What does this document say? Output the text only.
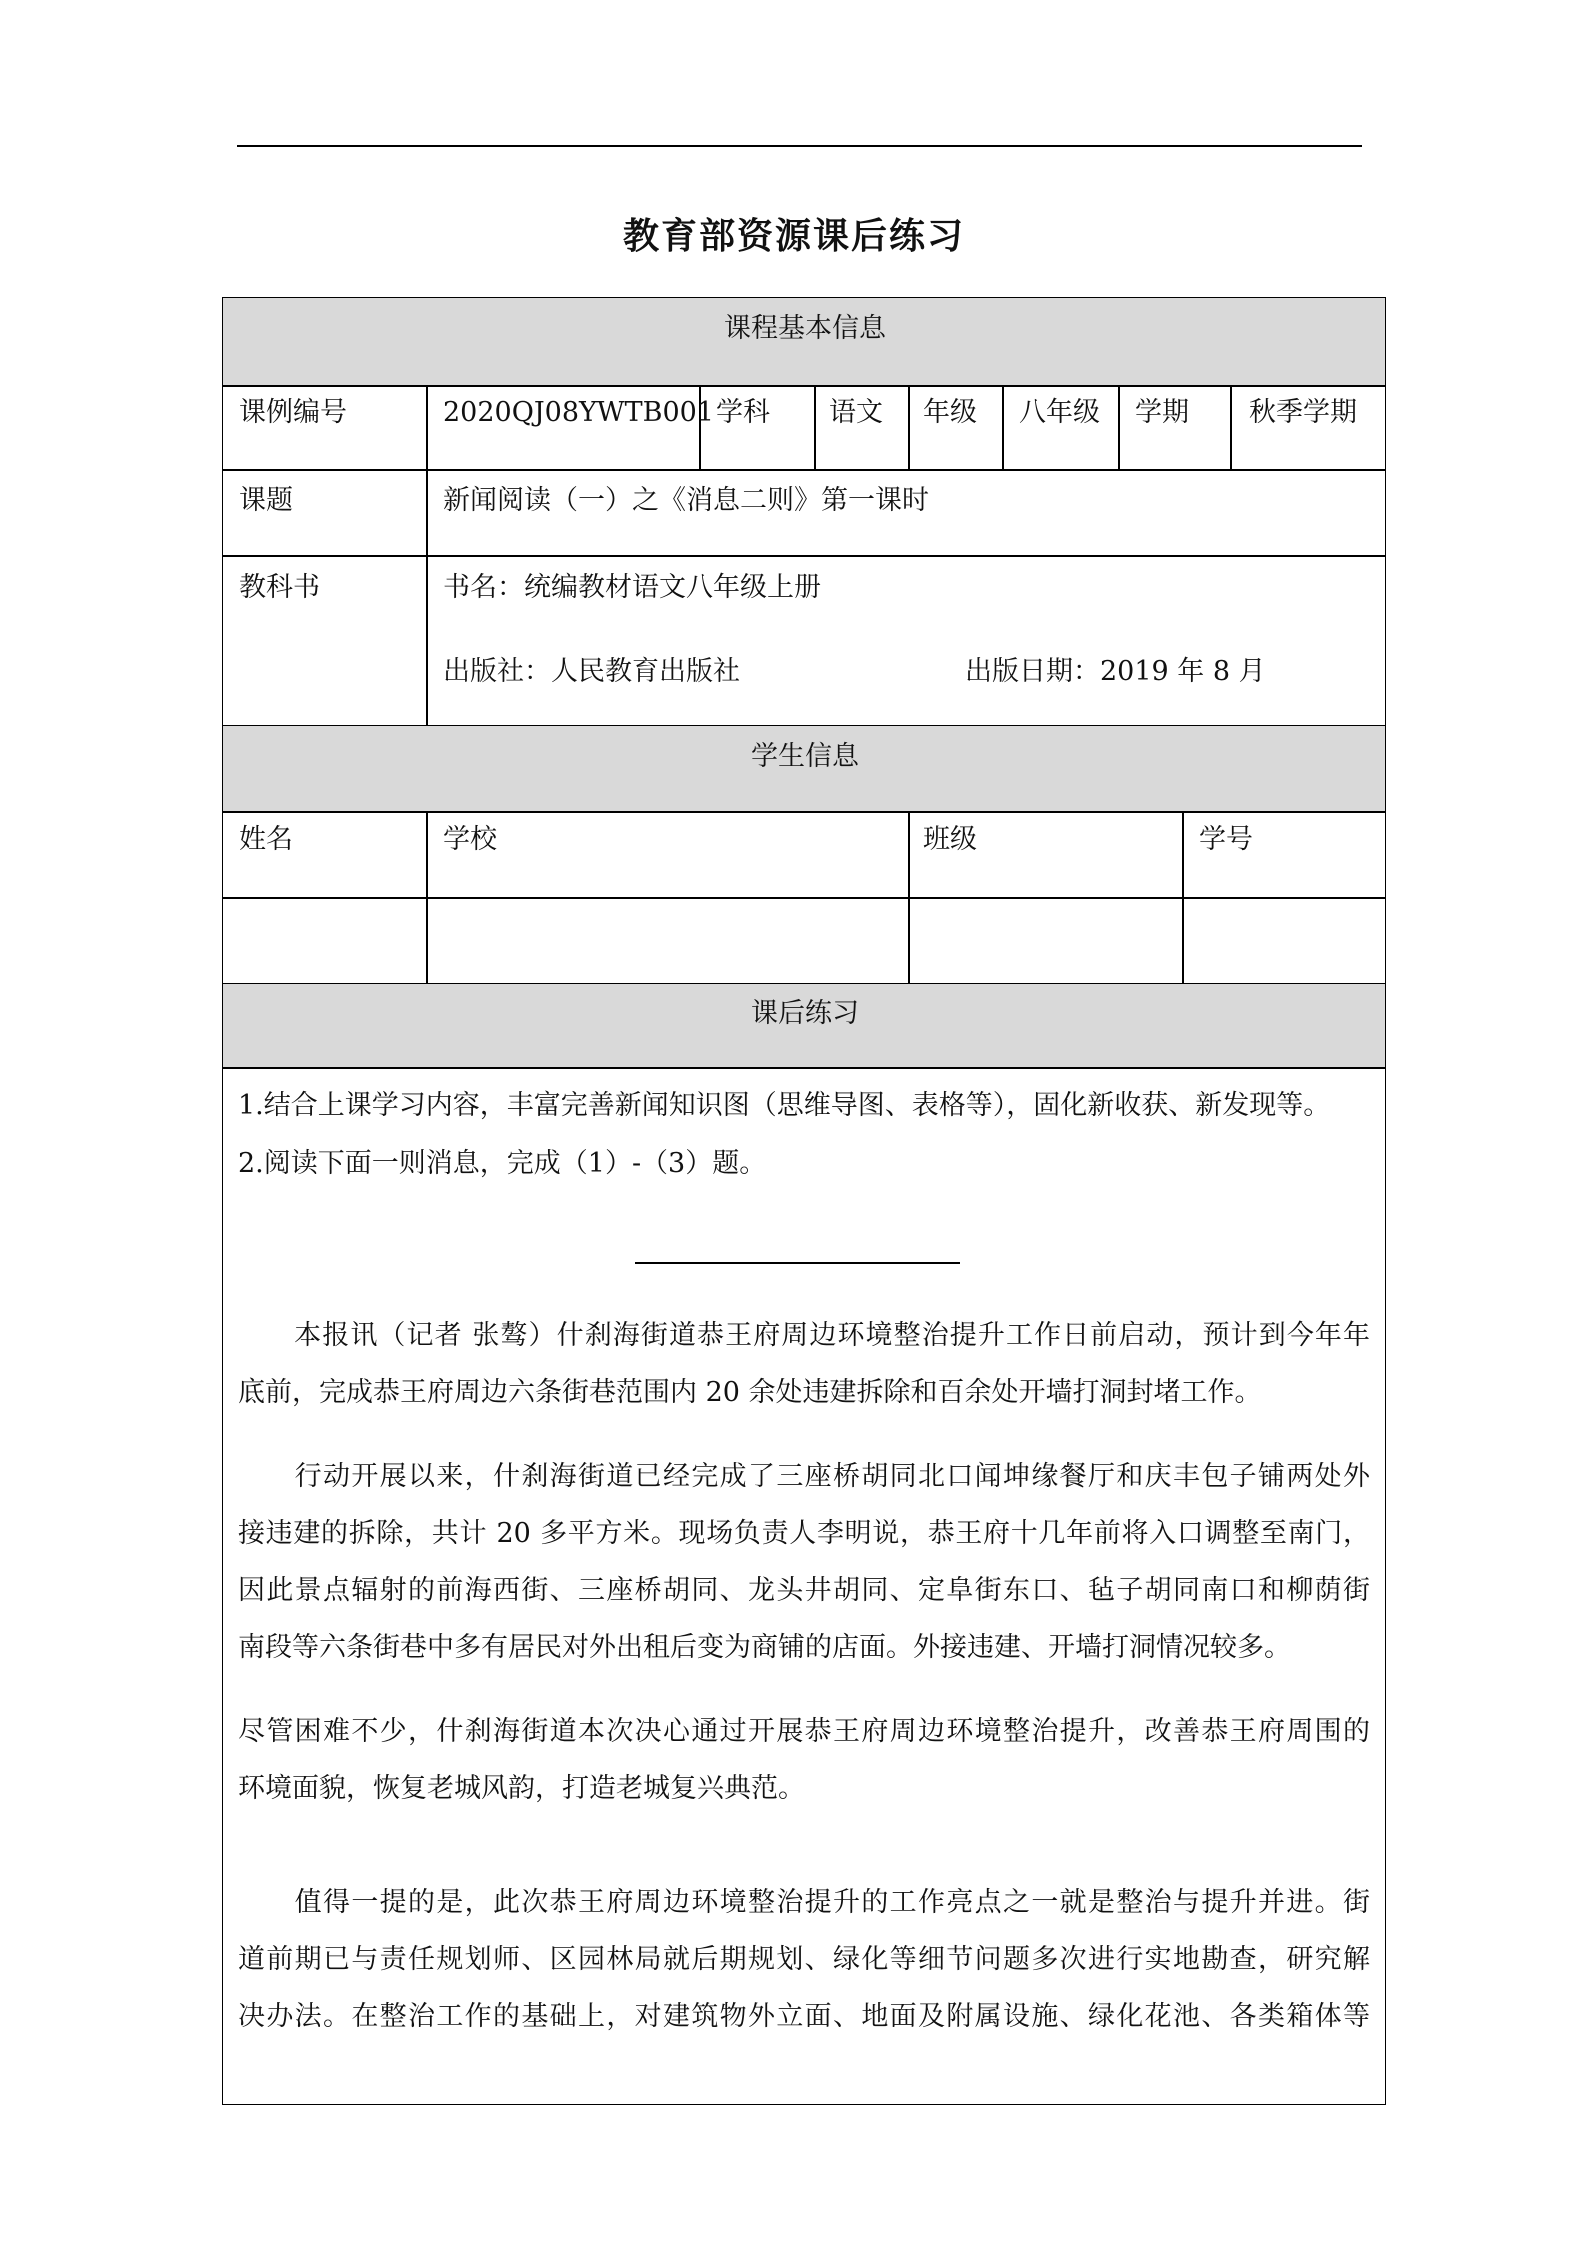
教育部资源课后练习
课程基本信息
课例编号	2020QJ08YWTB001 学科 语文 年级 八年级 学期 秋季学期
课题	新闻阅读（一）之《消息二则》第一课时
教科书	书名：统编教材语文八年级上册
出版社：人民教育出版社	出版日期：2019 年 8 月
学生信息
姓名	学校	班级	学号
课后练习
1.结合上课学习内容，丰富完善新闻知识图（思维导图、表格等），固化新收获、新发现等。
2.阅读下面一则消息，完成（1）-（3）题。
　　本报讯（记者 张骜）什刹海街道恭王府周边环境整治提升工作日前启动，预计到今年年
底前，完成恭王府周边六条街巷范围内 20 余处违建拆除和百余处开墙打洞封堵工作。
　　行动开展以来，什刹海街道已经完成了三座桥胡同北口闻坤缘餐厅和庆丰包子铺两处外
接违建的拆除，共计 20 多平方米。现场负责人李明说，恭王府十几年前将入口调整至南门，
因此景点辐射的前海西街、三座桥胡同、龙头井胡同、定阜街东口、毡子胡同南口和柳荫街
南段等六条街巷中多有居民对外出租后变为商铺的店面。外接违建、开墙打洞情况较多。
尽管困难不少，什刹海街道本次决心通过开展恭王府周边环境整治提升，改善恭王府周围的
环境面貌，恢复老城风韵，打造老城复兴典范。
　　值得一提的是，此次恭王府周边环境整治提升的工作亮点之一就是整治与提升并进。街
道前期已与责任规划师、区园林局就后期规划、绿化等细节问题多次进行实地勘查，研究解
决办法。在整治工作的基础上，对建筑物外立面、地面及附属设施、绿化花池、各类箱体等
